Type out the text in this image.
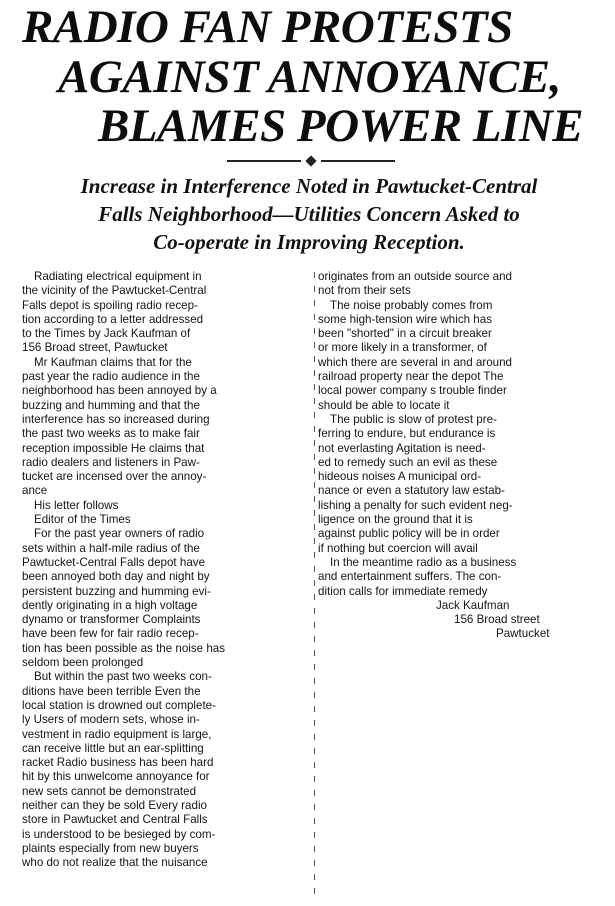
RADIO FAN PROTESTS
AGAINST ANNOYANCE,
BLAMES POWER LINE
Increase in Interference Noted in Pawtucket-Central
Falls Neighborhood—Utilities Concern Asked to
Co-operate in Improving Reception.
Radiating electrical equipment in
the vicinity of the Pawtucket-Central
Falls depot is spoiling radio recep-
tion according to a letter addressed
to the Times by Jack Kaufman of
156 Broad street, Pawtucket
Mr Kaufman claims that for the
past year the radio audience in the
neighborhood has been annoyed by a
buzzing and humming and that the
interference has so increased during
the past two weeks as to make fair
reception impossible He claims that
radio dealers and listeners in Paw-
tucket are incensed over the annoy-
ance
His letter follows
Editor of the Times
For the past year owners of radio
sets within a half-mile radius of the
Pawtucket-Central Falls depot have
been annoyed both day and night by
persistent buzzing and humming evi-
dently originating in a high voltage
dynamo or transformer Complaints
have been few for fair radio recep-
tion has been possible as the noise has
seldom been prolonged
But within the past two weeks con-
ditions have been terrible Even the
local station is drowned out complete-
ly Users of modern sets, whose in-
vestment in radio equipment is large,
can receive little but an ear-splitting
racket Radio business has been hard
hit by this unwelcome annoyance for
new sets cannot be demonstrated
neither can they be sold Every radio
store in Pawtucket and Central Falls
is understood to be besieged by com-
plaints especially from new buyers
who do not realize that the nuisance
originates from an outside source and
not from their sets
The noise probably comes from
some high-tension wire which has
been "shorted" in a circuit breaker
or more likely in a transformer, of
which there are several in and around
railroad property near the depot The
local power company s trouble finder
should be able to locate it
The public is slow of protest pre-
ferring to endure, but endurance is
not everlasting Agitation is need-
ed to remedy such an evil as these
hideous noises A municipal ord-
nance or even a statutory law estab-
lishing a penalty for such evident neg-
ligence on the ground that it is
against public policy will be in order
if nothing but coercion will avail
In the meantime radio as a business
and entertainment suffers. The con-
dition calls for immediate remedy
Jack Kaufman
156 Broad street
Pawtucket
